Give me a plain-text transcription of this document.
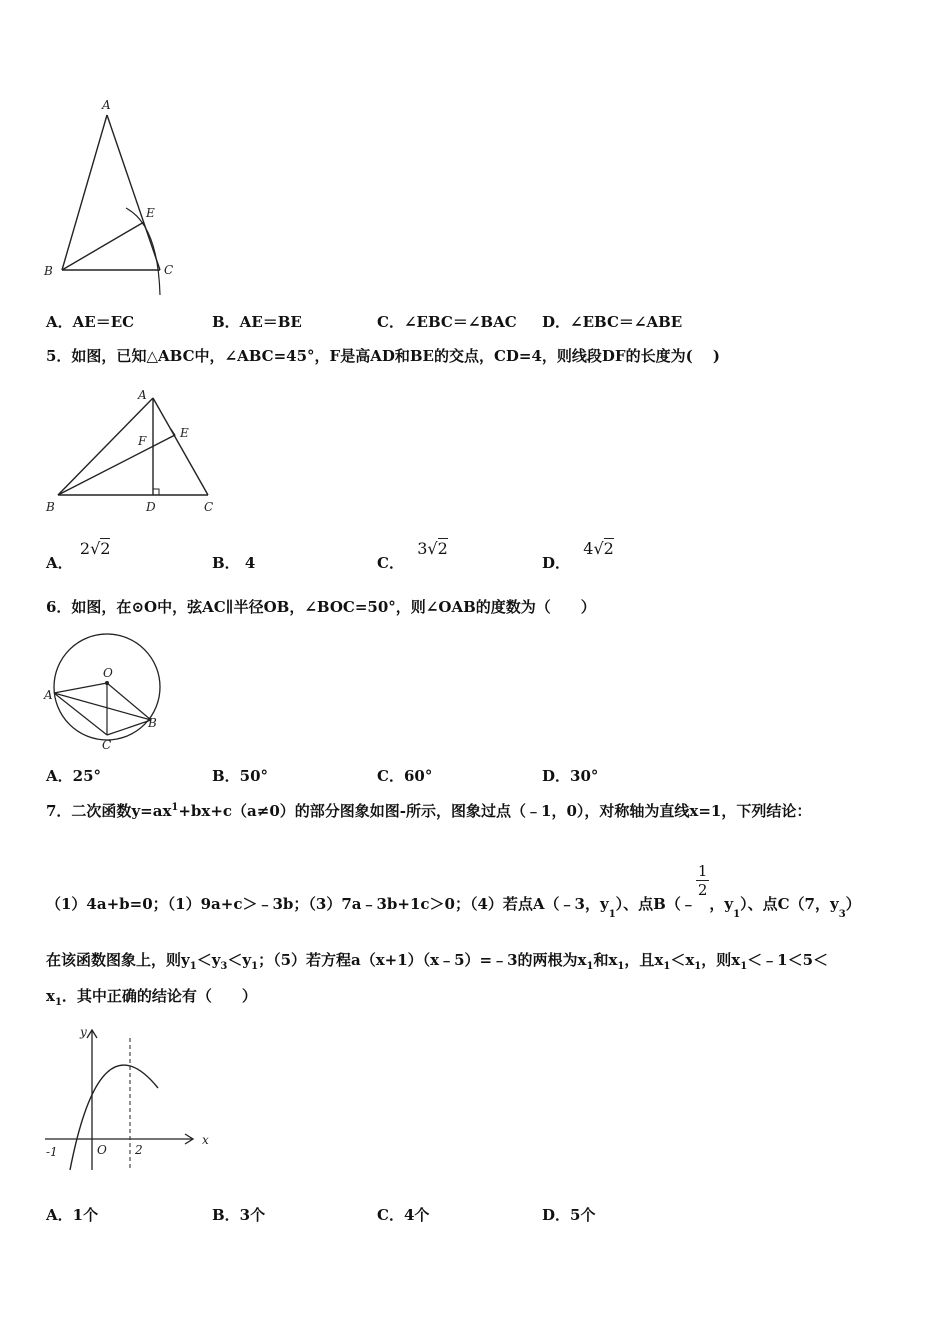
A
B	C
E
A．AE＝EC	B．AE＝BE	C．∠EBC＝∠BAC D．∠EBC＝∠ABE
5．如图，已知△ABC中，∠ABC=45°，F是高AD和BE的交点，CD=4，则线段DF的长度为(　 )
A
B	C
D
E
F
A． 2√2
B． 4	C． 3√2
D． 4√2
6．如图，在⊙O中，弦AC∥半径OB，∠BOC=50°，则∠OAB的度数为（　　）
O
A
B
C
A．25°	B．50°	C．60°	D．30°
7．二次函数$y=ax^1+bx+c(a\ne 0)$的部分图象如图-所示，图象过点（﹣1，0），对称轴为直线x=1，下列结论：
（1）4a+b=0；（1）9a+c＞﹣3b；（3）7a﹣3b+1c＞0；（4）若点A（﹣3，$y_1$）、点B（﹣
$\frac{1}{2}$
，$y_1$）、点C（7，$y_3$）
在该函数图象上，则$y_1<y_3<y_1$；（5）若方程a（x+1）（x﹣5）=﹣3的两根为$x_1$和$x_1$，且$x_1<x_1$，则$x_1<﹣1<5<$
$x_1$．其中正确的结论有（　　）
y
x
O
-1	2
A．1个	B．3个	C．4个	D．5个
